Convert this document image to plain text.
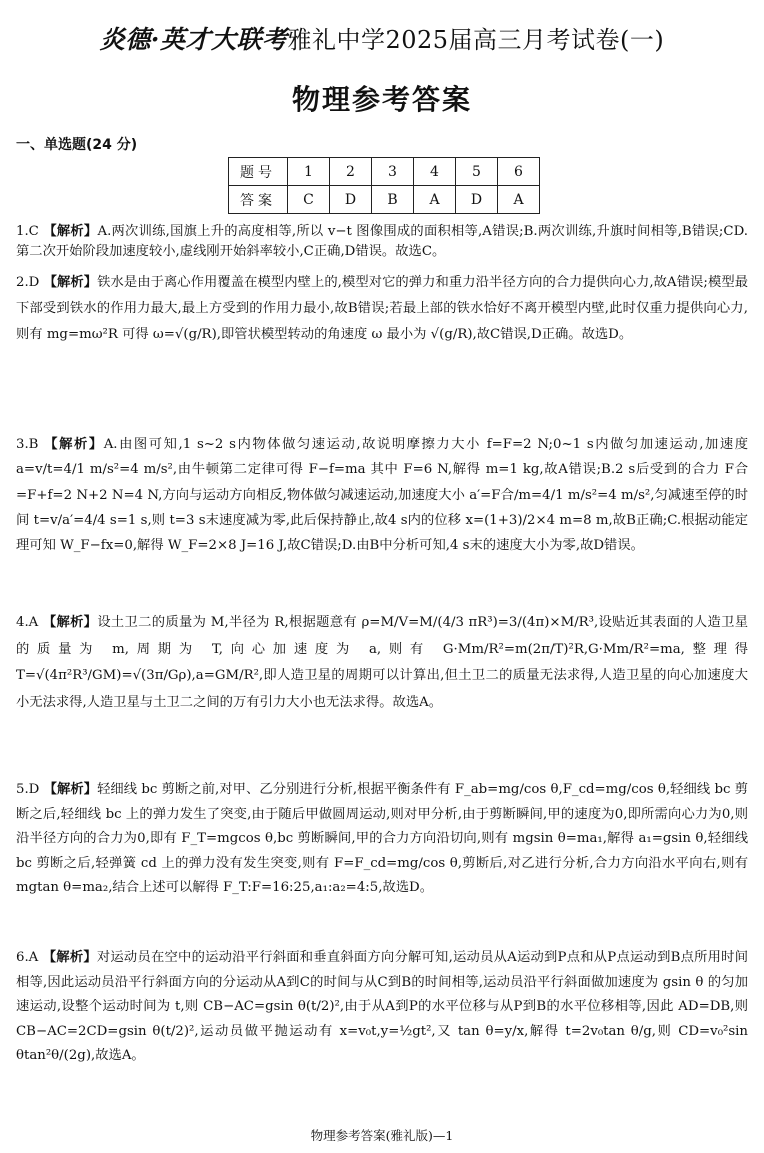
炎德·英才大联考雅礼中学2025届高三月考试卷(一)
物理参考答案
一、单选题(24 分)
题号	1	2	3	4	5	6
答案	C	D	B	A	D	A

1.C 【解析】A.两次训练,国旗上升的高度相等,所以 v−t 图像围成的面积相等,A错误;B.两次训练,升旗时间相等,B错误;CD.第二次开始阶段加速度较小,虚线刚开始斜率较小,C正确,D错误。故选C。

2.D 【解析】铁水是由于离心作用覆盖在模型内壁上的,模型对它的弹力和重力沿半径方向的合力提供向心力,故A错误;模型最下部受到铁水的作用力最大,最上方受到的作用力最小,故B错误;若最上部的铁水恰好不离开模型内壁,此时仅重力提供向心力,则有 mg=mω²R 可得 ω=√(g/R),即管状模型转动的角速度 ω 最小为 √(g/R),故C错误,D正确。故选D。

3.B 【解析】A.由图可知,1 s~2 s内物体做匀速运动,故说明摩擦力大小 f=F=2 N;0~1 s内做匀加速运动,加速度 a=v/t=4/1 m/s²=4 m/s²,由牛顿第二定律可得 F−f=ma 其中 F=6 N,解得 m=1 kg,故A错误;B.2 s后受到的合力 F合=F+f=2 N+2 N=4 N,方向与运动方向相反,物体做匀减速运动,加速度大小 a′=F合/m=4/1 m/s²=4 m/s²,匀减速至停的时间 t=v/a′=4/4 s=1 s,则 t=3 s末速度减为零,此后保持静止,故4 s内的位移 x=(1+3)/2×4 m=8 m,故B正确;C.根据动能定理可知 W_F−fx=0,解得 W_F=2×8 J=16 J,故C错误;D.由B中分析可知,4 s末的速度大小为零,故D错误。

4.A 【解析】设土卫二的质量为 M,半径为 R,根据题意有 ρ=M/V=M/(4/3 πR³)=3/(4π)×M/R³,设贴近其表面的人造卫星的质量为 m,周期为 T,向心加速度为 a,则有 G·Mm/R²=m(2π/T)²R,G·Mm/R²=ma,整理得 T=√(4π²R³/GM)=√(3π/Gρ),a=GM/R²,即人造卫星的周期可以计算出,但土卫二的质量无法求得,人造卫星的向心加速度大小无法求得,人造卫星与土卫二之间的万有引力大小也无法求得。故选A。

5.D 【解析】轻细线 bc 剪断之前,对甲、乙分别进行分析,根据平衡条件有 F_ab=mg/cos θ,F_cd=mg/cos θ,轻细线 bc 剪断之后,轻细线 bc 上的弹力发生了突变,由于随后甲做圆周运动,则对甲分析,由于剪断瞬间,甲的速度为0,即所需向心力为0,则沿半径方向的合力为0,即有 F_T=mgcos θ,bc 剪断瞬间,甲的合力方向沿切向,则有 mgsin θ=ma₁,解得 a₁=gsin θ,轻细线 bc 剪断之后,轻弹簧 cd 上的弹力没有发生突变,则有 F=F_cd=mg/cos θ,剪断后,对乙进行分析,合力方向沿水平向右,则有 mgtan θ=ma₂,结合上述可以解得 F_T:F=16:25,a₁:a₂=4:5,故选D。

6.A 【解析】对运动员在空中的运动沿平行斜面和垂直斜面方向分解可知,运动员从A运动到P点和从P点运动到B点所用时间相等,因此运动员沿平行斜面方向的分运动从A到C的时间与从C到B的时间相等,运动员沿平行斜面做加速度为 gsin θ 的匀加速运动,设整个运动时间为 t,则 CB−AC=gsin θ(t/2)²,由于从A到P的水平位移与从P到B的水平位移相等,因此 AD=DB,则 CB−AC=2CD=gsin θ(t/2)²,运动员做平抛运动有 x=v₀t,y=½gt²,又 tan θ=y/x,解得 t=2v₀tan θ/g,则 CD=v₀²sin θtan²θ/(2g),故选A。

物理参考答案(雅礼版)—1
